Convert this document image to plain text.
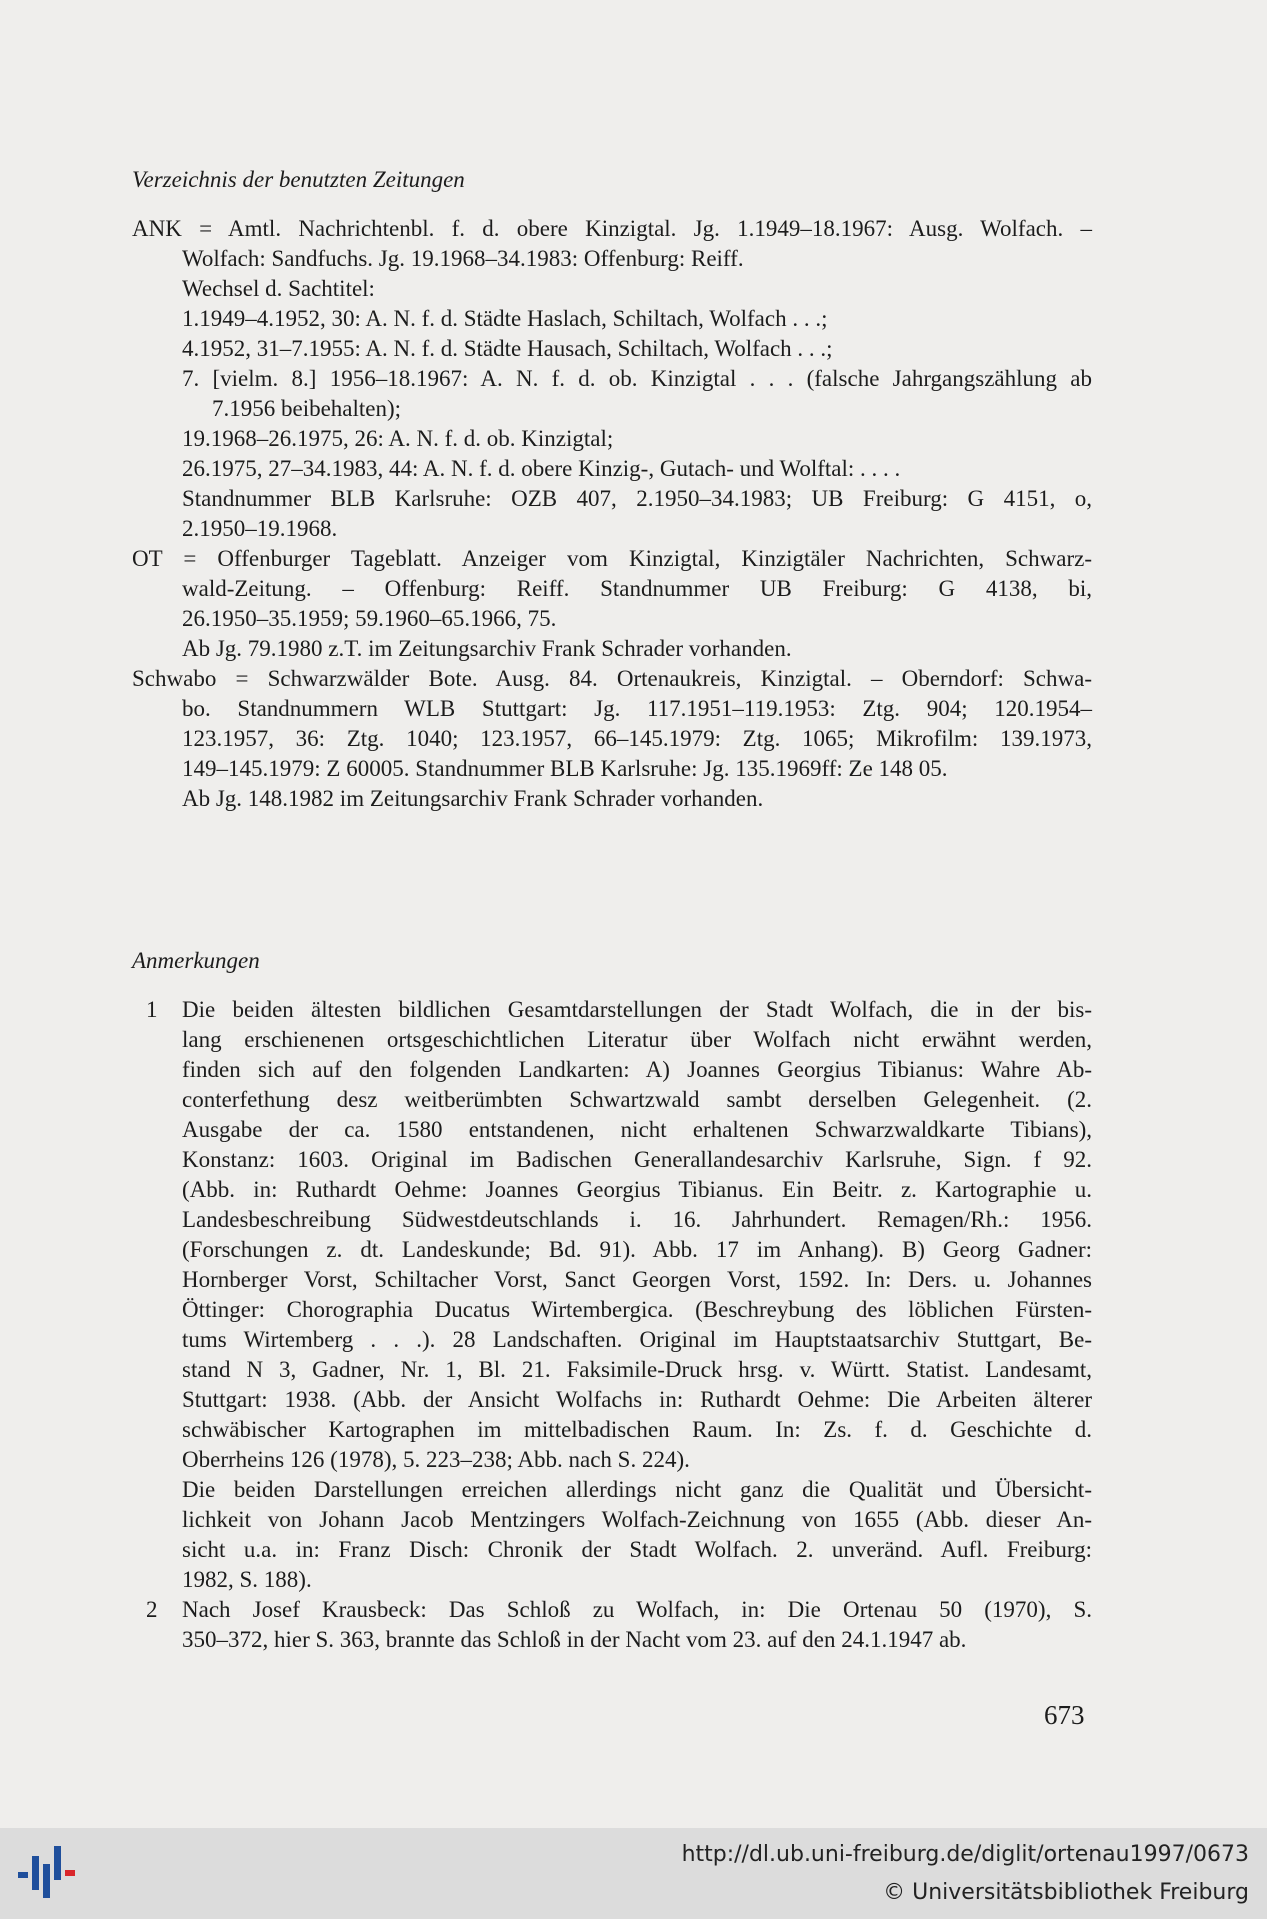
Verzeichnis der benutzten Zeitungen
ANK = Amtl. Nachrichtenbl. f. d. obere Kinzigtal. Jg. 1.1949–18.1967: Ausg. Wolfach. –
Wolfach: Sandfuchs. Jg. 19.1968–34.1983: Offenburg: Reiff.
Wechsel d. Sachtitel:
1.1949–4.1952, 30: A. N. f. d. Städte Haslach, Schiltach, Wolfach . . .;
4.1952, 31–7.1955: A. N. f. d. Städte Hausach, Schiltach, Wolfach . . .;
7. [vielm. 8.] 1956–18.1967: A. N. f. d. ob. Kinzigtal . . . (falsche Jahrgangszählung ab
7.1956 beibehalten);
19.1968–26.1975, 26: A. N. f. d. ob. Kinzigtal;
26.1975, 27–34.1983, 44: A. N. f. d. obere Kinzig-, Gutach- und Wolftal: . . . .
Standnummer BLB Karlsruhe: OZB 407, 2.1950–34.1983; UB Freiburg: G 4151, o,
2.1950–19.1968.
OT = Offenburger Tageblatt. Anzeiger vom Kinzigtal, Kinzigtäler Nachrichten, Schwarz-
wald-Zeitung. – Offenburg: Reiff. Standnummer UB Freiburg: G 4138, bi,
26.1950–35.1959; 59.1960–65.1966, 75.
Ab Jg. 79.1980 z.T. im Zeitungsarchiv Frank Schrader vorhanden.
Schwabo = Schwarzwälder Bote. Ausg. 84. Ortenaukreis, Kinzigtal. – Oberndorf: Schwa-
bo. Standnummern WLB Stuttgart: Jg. 117.1951–119.1953: Ztg. 904; 120.1954–
123.1957, 36: Ztg. 1040; 123.1957, 66–145.1979: Ztg. 1065; Mikrofilm: 139.1973,
149–145.1979: Z 60005. Standnummer BLB Karlsruhe: Jg. 135.1969ff: Ze 148 05.
Ab Jg. 148.1982 im Zeitungsarchiv Frank Schrader vorhanden.
Anmerkungen
1 Die beiden ältesten bildlichen Gesamtdarstellungen der Stadt Wolfach, die in der bis-
lang erschienenen ortsgeschichtlichen Literatur über Wolfach nicht erwähnt werden,
finden sich auf den folgenden Landkarten: A) Joannes Georgius Tibianus: Wahre Ab-
conterfethung desz weitberümbten Schwartzwald sambt derselben Gelegenheit. (2.
Ausgabe der ca. 1580 entstandenen, nicht erhaltenen Schwarzwaldkarte Tibians),
Konstanz: 1603. Original im Badischen Generallandesarchiv Karlsruhe, Sign. f 92.
(Abb. in: Ruthardt Oehme: Joannes Georgius Tibianus. Ein Beitr. z. Kartographie u.
Landesbeschreibung Südwestdeutschlands i. 16. Jahrhundert. Remagen/Rh.: 1956.
(Forschungen z. dt. Landeskunde; Bd. 91). Abb. 17 im Anhang). B) Georg Gadner:
Hornberger Vorst, Schiltacher Vorst, Sanct Georgen Vorst, 1592. In: Ders. u. Johannes
Öttinger: Chorographia Ducatus Wirtembergica. (Beschreybung des löblichen Fürsten-
tums Wirtemberg . . .). 28 Landschaften. Original im Hauptstaatsarchiv Stuttgart, Be-
stand N 3, Gadner, Nr. 1, Bl. 21. Faksimile-Druck hrsg. v. Württ. Statist. Landesamt,
Stuttgart: 1938. (Abb. der Ansicht Wolfachs in: Ruthardt Oehme: Die Arbeiten älterer
schwäbischer Kartographen im mittelbadischen Raum. In: Zs. f. d. Geschichte d.
Oberrheins 126 (1978), 5. 223–238; Abb. nach S. 224).
Die beiden Darstellungen erreichen allerdings nicht ganz die Qualität und Übersicht-
lichkeit von Johann Jacob Mentzingers Wolfach-Zeichnung von 1655 (Abb. dieser An-
sicht u.a. in: Franz Disch: Chronik der Stadt Wolfach. 2. unveränd. Aufl. Freiburg:
1982, S. 188).
2 Nach Josef Krausbeck: Das Schloß zu Wolfach, in: Die Ortenau 50 (1970), S.
350–372, hier S. 363, brannte das Schloß in der Nacht vom 23. auf den 24.1.1947 ab.
673
http://dl.ub.uni-freiburg.de/diglit/ortenau1997/0673
© Universitätsbibliothek Freiburg
